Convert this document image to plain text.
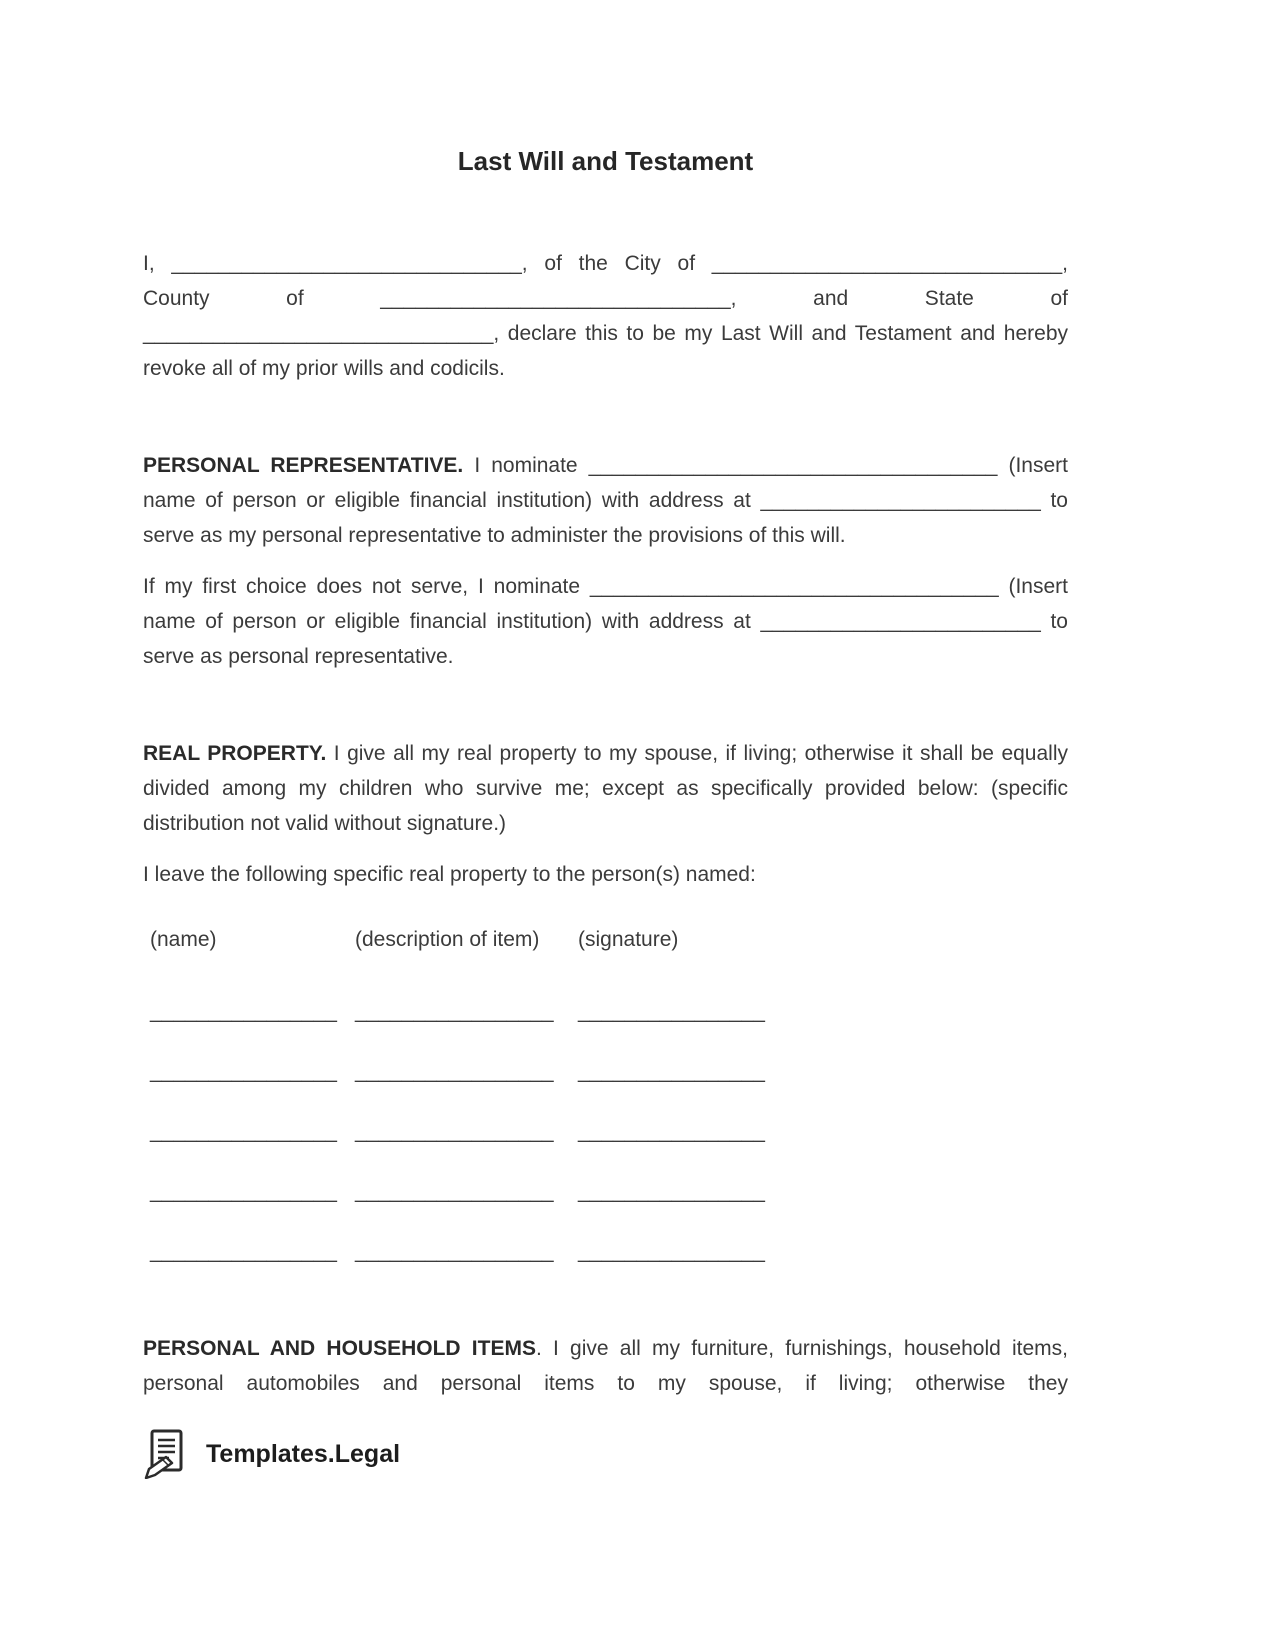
Last Will and Testament

I, ______________________________, of the City of ______________________________, County of ______________________________, and State of ______________________________, declare this to be my Last Will and Testament and hereby revoke all of my prior wills and codicils.

PERSONAL REPRESENTATIVE. I nominate ___________________________________ (Insert name of person or eligible financial institution) with address at ________________________ to serve as my personal representative to administer the provisions of this will.

If my first choice does not serve, I nominate ___________________________________ (Insert name of person or eligible financial institution) with address at ________________________ to serve as personal representative.

REAL PROPERTY. I give all my real property to my spouse, if living; otherwise it shall be equally divided among my children who survive me; except as specifically provided below: (specific distribution not valid without signature.)

I leave the following specific real property to the person(s) named:

(name)	(description of item)	(signature)
________________ _________________	________________
________________ _________________	________________
________________ _________________	________________
________________ _________________	________________
________________ _________________	________________

PERSONAL AND HOUSEHOLD ITEMS. I give all my furniture, furnishings, household items, personal automobiles and personal items to my spouse, if living; otherwise they

Templates.Legal
